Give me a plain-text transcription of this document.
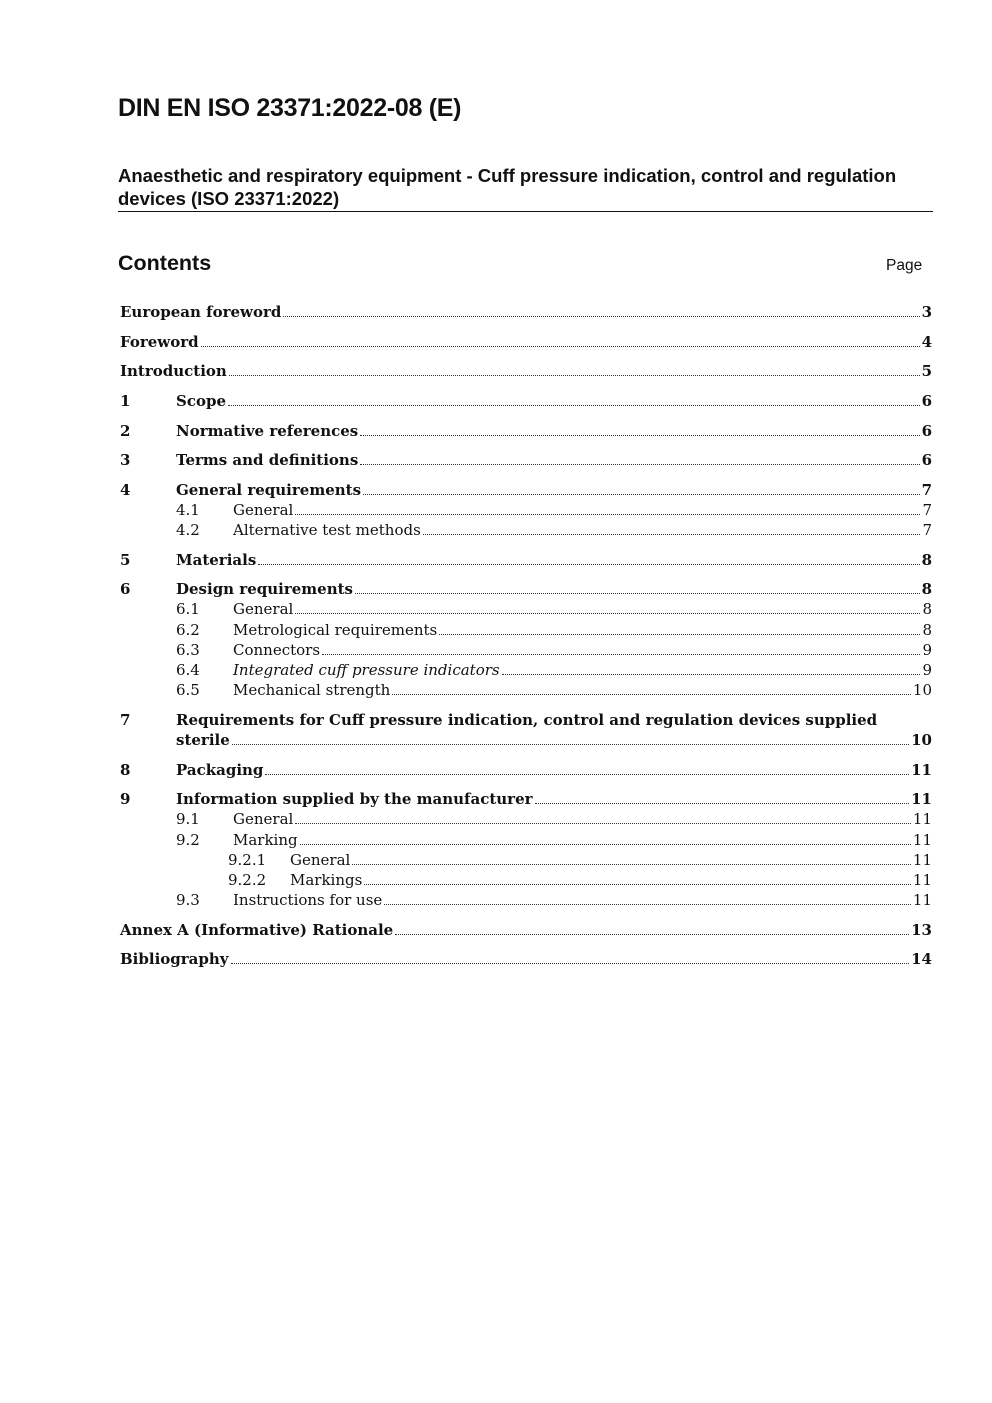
DIN EN ISO 23371:2022-08 (E)
Anaesthetic and respiratory equipment - Cuff pressure indication, control and regulation devices (ISO 23371:2022)
Contents	Page
European foreword	3
Foreword	4
Introduction	5
1	Scope	6
2	Normative references	6
3	Terms and definitions	6
4	General requirements	7
4.1 General	7
4.2 Alternative test methods	7
5	Materials	8
6	Design requirements	8
6.1 General	8
6.2 Metrological requirements	8
6.3 Connectors	9
6.4 Integrated cuff pressure indicators	9
6.5 Mechanical strength	10
7	Requirements for Cuff pressure indication, control and regulation devices supplied
sterile	10
8	Packaging	11
9	Information supplied by the manufacturer	11
9.1 General	11
9.2 Marking	11
9.2.1 General	11
9.2.2 Markings	11
9.3 Instructions for use	11
Annex A (Informative) Rationale	13
Bibliography	14
